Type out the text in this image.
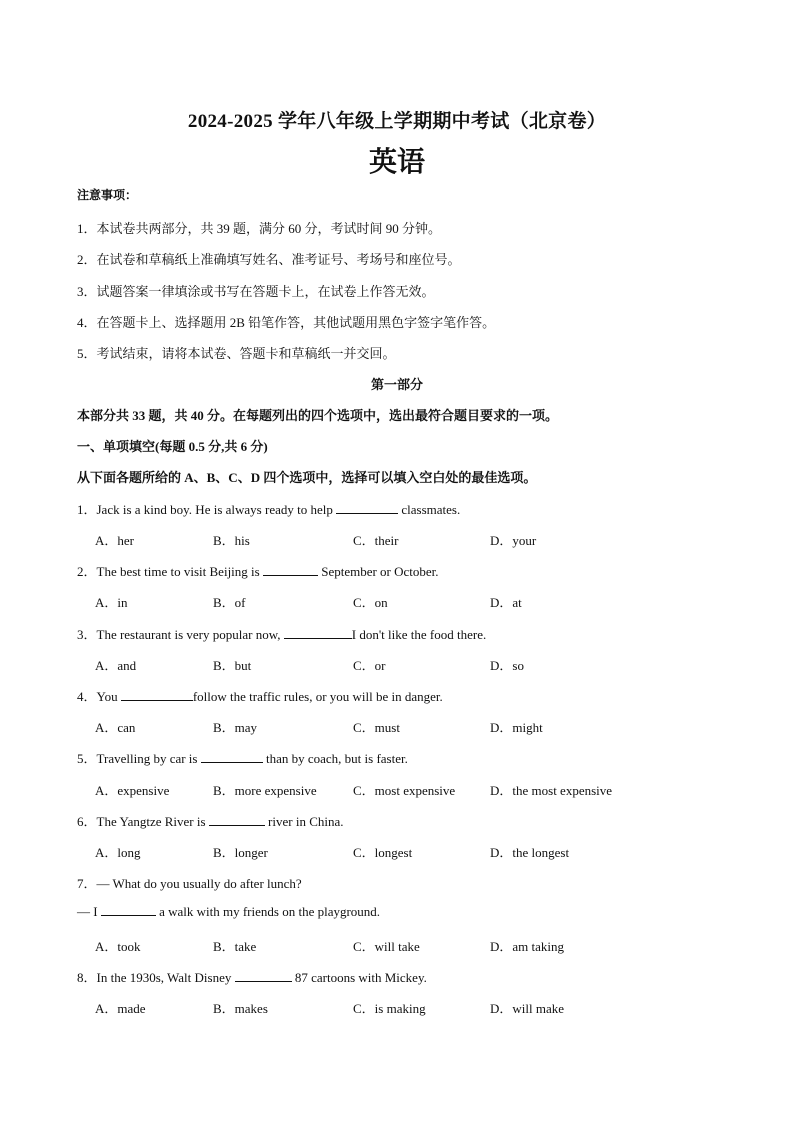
2024-2025 学年八年级上学期期中考试（北京卷）
英语
注意事项：
1．本试卷共两部分，共 39 题，满分 60 分，考试时间 90 分钟。
2．在试卷和草稿纸上准确填写姓名、准考证号、考场号和座位号。
3．试题答案一律填涂或书写在答题卡上，在试卷上作答无效。
4．在答题卡上、选择题用 2B 铅笔作答，其他试题用黑色字签字笔作答。
5．考试结束，请将本试卷、答题卡和草稿纸一并交回。
第一部分
本部分共 33 题，共 40 分。在每题列出的四个选项中，选出最符合题目要求的一项。
一、单项填空(每题 0.5 分,共 6 分)
从下面各题所给的 A、B、C、D 四个选项中，选择可以填入空白处的最佳选项。
1．Jack is a kind boy. He is always ready to help	classmates.
A．her	B．his	C．their	D．your
2．The best time to visit Beijing is	September or October.
A．in	B．of	C．on	D．at
3．The restaurant is very popular now,	I don't like the food there.
A．and	B．but	C．or	D．so
4．You	follow the traffic rules, or you will be in danger.
A．can	B．may	C．must	D．might
5．Travelling by car is	than by coach, but is faster.
A．expensive	B．more expensive	C．most expensive	D．the most expensive
6．The Yangtze River is	river in China.
A．long	B．longer	C．longest	D．the longest
7．— What do you usually do after lunch?
— I	a walk with my friends on the playground.
A．took	B．take	C．will take	D．am taking
8．In the 1930s, Walt Disney	87 cartoons with Mickey.
A．made	B．makes	C．is making	D．will make
